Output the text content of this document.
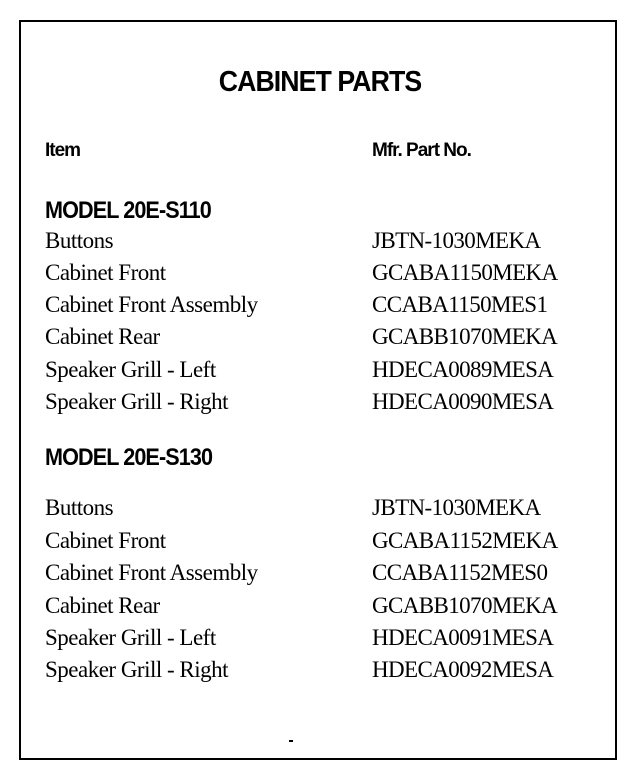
CABINET PARTS
Item	Mfr. Part No.
MODEL 20E-S110
Buttons	JBTN-1030MEKA
Cabinet Front	GCABA1150MEKA
Cabinet Front Assembly	CCABA1150MES1
Cabinet Rear	GCABB1070MEKA
Speaker Grill - Left	HDECA0089MESA
Speaker Grill - Right	HDECA0090MESA
MODEL 20E-S130
Buttons	JBTN-1030MEKA
Cabinet Front	GCABA1152MEKA
Cabinet Front Assembly	CCABA1152MES0
Cabinet Rear	GCABB1070MEKA
Speaker Grill - Left	HDECA0091MESA
Speaker Grill - Right	HDECA0092MESA
